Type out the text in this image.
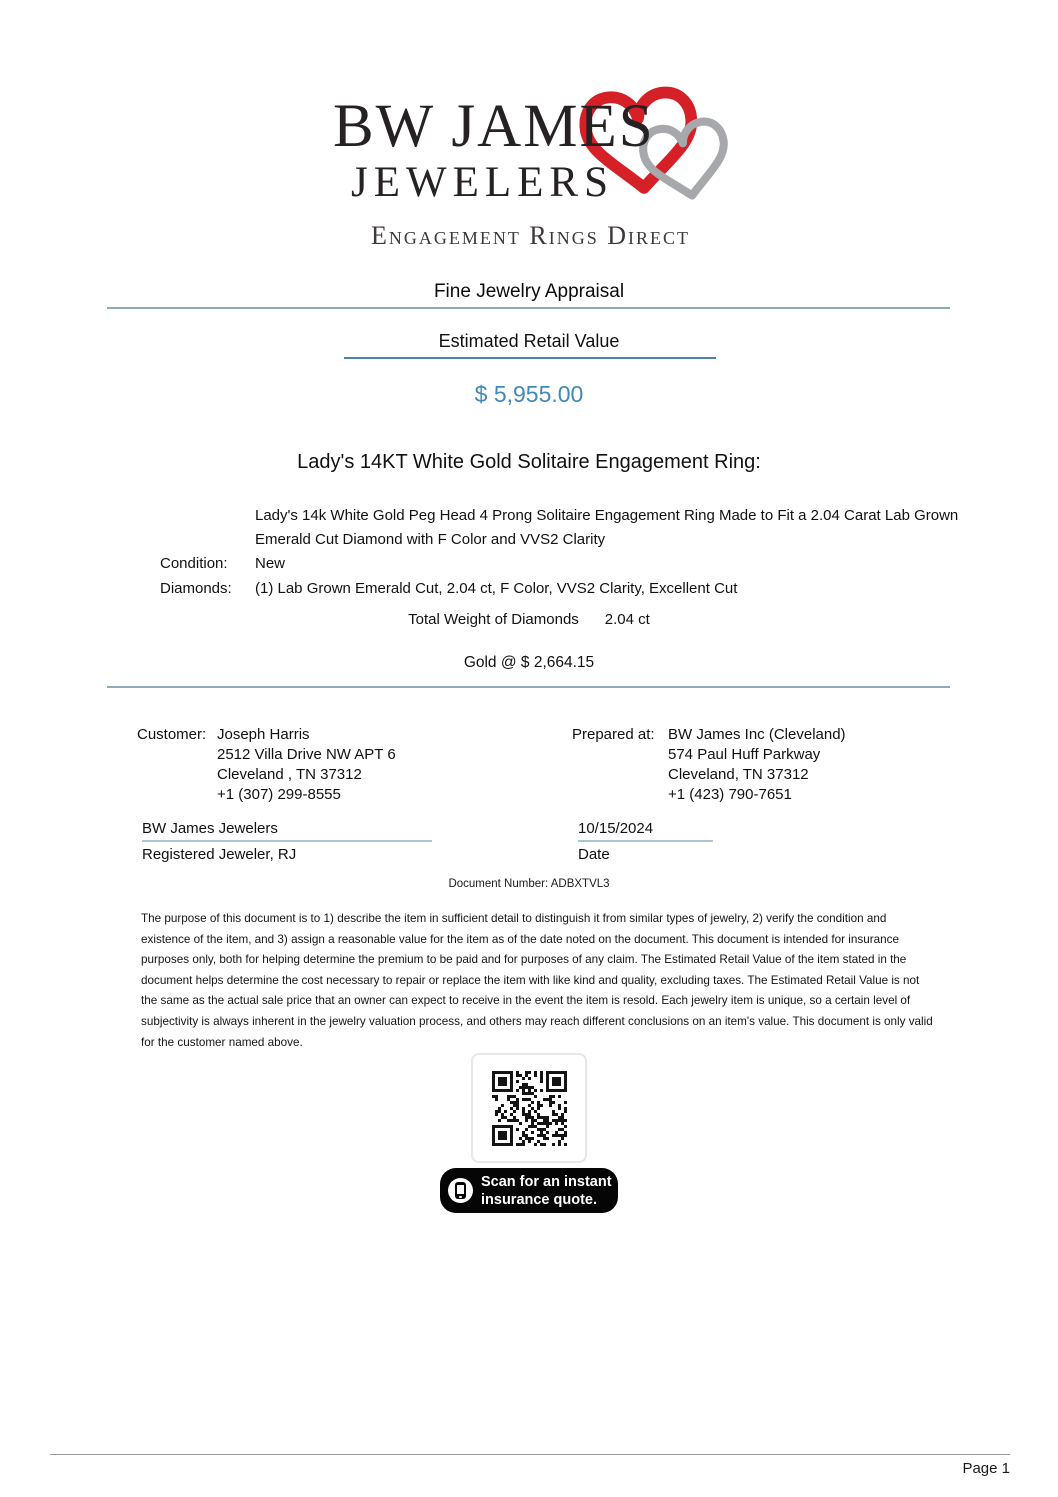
BW JAMES
JEWELERS
Engagement Rings Direct
Fine Jewelry Appraisal
Estimated Retail Value
$ 5,955.00
Lady's 14KT White Gold Solitaire Engagement Ring:
Lady's 14k White Gold Peg Head 4 Prong Solitaire Engagement Ring Made to Fit a 2.04 Carat Lab Grown Emerald Cut Diamond with F Color and VVS2 Clarity
Condition: New
Diamonds: (1) Lab Grown Emerald Cut, 2.04 ct, F Color, VVS2 Clarity, Excellent Cut
Total Weight of Diamonds 2.04 ct
Gold @ $ 2,664.15
Customer: Joseph Harris
2512 Villa Drive NW APT 6
Cleveland , TN 37312
+1 (307) 299-8555
Prepared at: BW James Inc (Cleveland)
574 Paul Huff Parkway
Cleveland, TN 37312
+1 (423) 790-7651
BW James Jewelers
Registered Jeweler, RJ
10/15/2024
Date
Document Number: ADBXTVL3
The purpose of this document is to 1) describe the item in sufficient detail to distinguish it from similar types of jewelry, 2) verify the condition and existence of the item, and 3) assign a reasonable value for the item as of the date noted on the document. This document is intended for insurance purposes only, both for helping determine the premium to be paid and for purposes of any claim. The Estimated Retail Value of the item stated in the document helps determine the cost necessary to repair or replace the item with like kind and quality, excluding taxes. The Estimated Retail Value is not the same as the actual sale price that an owner can expect to receive in the event the item is resold. Each jewelry item is unique, so a certain level of subjectivity is always inherent in the jewelry valuation process, and others may reach different conclusions on an item's value. This document is only valid for the customer named above.
Scan for an instant
insurance quote.
Page 1
